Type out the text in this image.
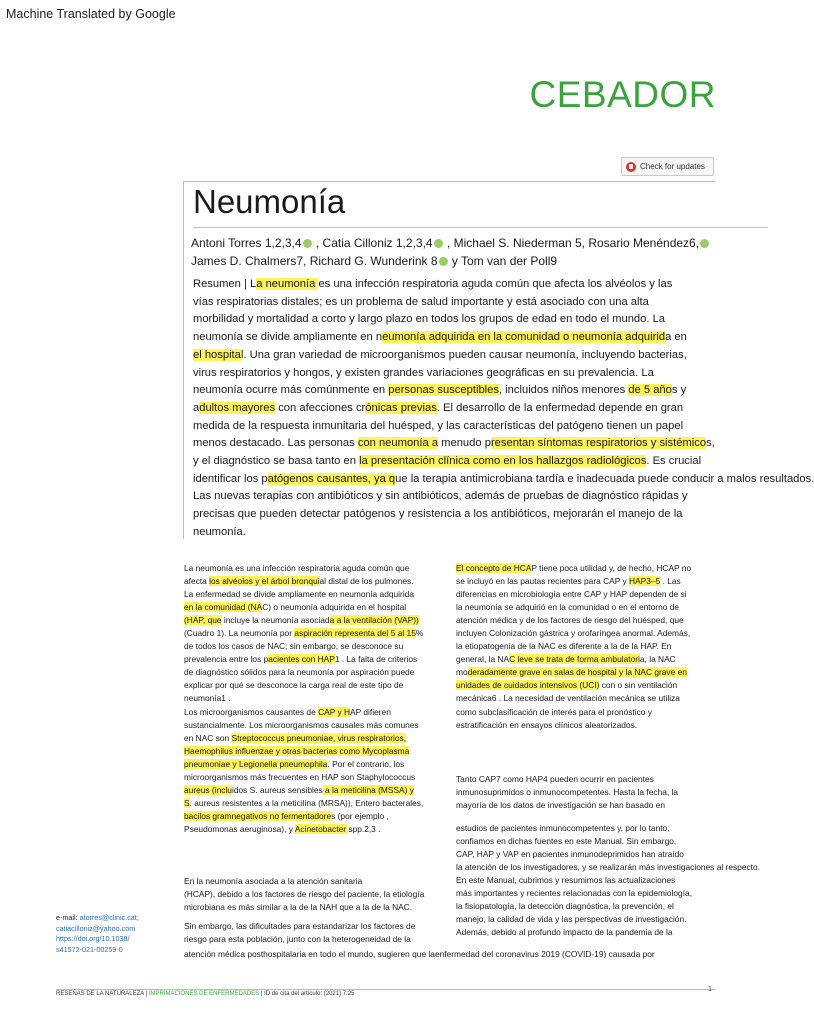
Machine Translated by Google
CEBADOR
Check for updates
Neumonía
Antoni Torres 1,2,3,4 , Catia Cilloniz 1,2,3,4 , Michael S. Niederman 5, Rosario Menéndez6,
James D. Chalmers7, Richard G. Wunderink 8 y Tom van der Poll9
Resumen | La neumonía es una infección respiratoria aguda común que afecta los alvéolos y las
vías respiratorias distales; es un problema de salud importante y está asociado con una alta
morbilidad y mortalidad a corto y largo plazo en todos los grupos de edad en todo el mundo. La
neumonía se divide ampliamente en neumonía adquirida en la comunidad o neumonía adquirida en
el hospital. Una gran variedad de microorganismos pueden causar neumonía, incluyendo bacterias,
virus respiratorios y hongos, y existen grandes variaciones geográficas en su prevalencia. La
neumonía ocurre más comúnmente en personas susceptibles, incluidos niños menores de 5 años y
adultos mayores con afecciones crónicas previas. El desarrollo de la enfermedad depende en gran
medida de la respuesta inmunitaria del huésped, y las características del patógeno tienen un papel
menos destacado. Las personas con neumonía a menudo presentan síntomas respiratorios y sistémicos,
y el diagnóstico se basa tanto en la presentación clínica como en los hallazgos radiológicos. Es crucial
identificar los patógenos causantes, ya que la terapia antimicrobiana tardía e inadecuada puede conducir a malos resultados.
Las nuevas terapias con antibióticos y sin antibióticos, además de pruebas de diagnóstico rápidas y
precisas que pueden detectar patógenos y resistencia a los antibióticos, mejorarán el manejo de la
neumonía.
La neumonía es una infección respiratoria aguda común que
afecta los alvéolos y el árbol bronquial distal de los pulmones.
La enfermedad se divide ampliamente en neumonía adquirida
en la comunidad (NAC) o neumonía adquirida en el hospital
(HAP, que incluye la neumonía asociada a la ventilación (VAP))
(Cuadro 1). La neumonía por aspiración representa del 5 al 15%
de todos los casos de NAC; sin embargo, se desconoce su
prevalencia entre los pacientes con HAP1 . La falta de criterios
de diagnóstico sólidos para la neumonía por aspiración puede
explicar por qué se desconoce la carga real de este tipo de
neumonía1 .
Los microorganismos causantes de CAP y HAP difieren
sustancialmente. Los microorganismos causales más comunes
en NAC son Streptococcus pneumoniae, virus respiratorios,
Haemophilus influenzae y otras bacterias como Mycoplasma
pneumoniae y Legionella pneumophila. Por el contrario, los
microorganismos más frecuentes en HAP son Staphylococcus
aureus (incluidos S. aureus sensibles a la meticilina (MSSA) y
S. aureus resistentes a la meticilina (MRSA)), Entero bacterales,
bacilos gramnegativos no fermentadores (por ejemplo ,
Pseudomonas aeruginosa), y Acinetobacter spp.2,3 .
En la neumonía asociada a la atención sanitaria
(HCAP), debido a los factores de riesgo del paciente, la etiología
microbiana es más similar a la de la NAH que a la de la NAC.
Sin embargo, las dificultades para estandarizar los factores de
riesgo para esta población, junto con la heterogeneidad de la
atención médica posthospitalaria en todo el mundo, sugieren que laenfermedad del coronavirus 2019 (COVID-19) causada por
El concepto de HCAP tiene poca utilidad y, de hecho, HCAP no
se incluyó en las pautas recientes para CAP y HAP3–5 . Las
diferencias en microbiología entre CAP y HAP dependen de si
la neumonía se adquirió en la comunidad o en el entorno de
atención médica y de los factores de riesgo del huésped, que
incluyen Colonización gástrica y orofaríngea anormal. Además,
la etiopatogenia de la NAC es diferente a la de la HAP. En
general, la NAC leve se trata de forma ambulatoria, la NAC
moderadamente grave en salas de hospital y la NAC grave en
unidades de cuidados intensivos (UCI) con o sin ventilación
mecánica6 . La necesidad de ventilación mecánica se utiliza
como subclasificación de interés para el pronóstico y
estratificación en ensayos clínicos aleatorizados.
Tanto CAP7 como HAP4 pueden ocurrir en pacientes
inmunosuprimidos o inmunocompetentes. Hasta la fecha, la
mayoría de los datos de investigación se han basado en
estudios de pacientes inmunocompetentes y, por lo tanto,
confiamos en dichas fuentes en este Manual. Sin embargo,
CAP, HAP y VAP en pacientes inmunodeprimidos han atraído
la atención de los investigadores, y se realizarán más investigaciones al respecto.
En este Manual, cubrimos y resumimos las actualizaciones
más importantes y recientes relacionadas con la epidemiología,
la fisiopatología, la detección diagnóstica, la prevención, el
manejo, la calidad de vida y las perspectivas de investigación.
Además, debido al profundo impacto de la pandemia de la
e-mail: atorres@clinic.cat;
catiacilloniz@yahoo.com
https://doi.org/10.1038/
s41572-021-00259-0
RESEÑAS DE LA NATURALEZA | IMPRIMACIONES DE ENFERMEDADES | ID de cita del artículo: (2021) 7:25
1
